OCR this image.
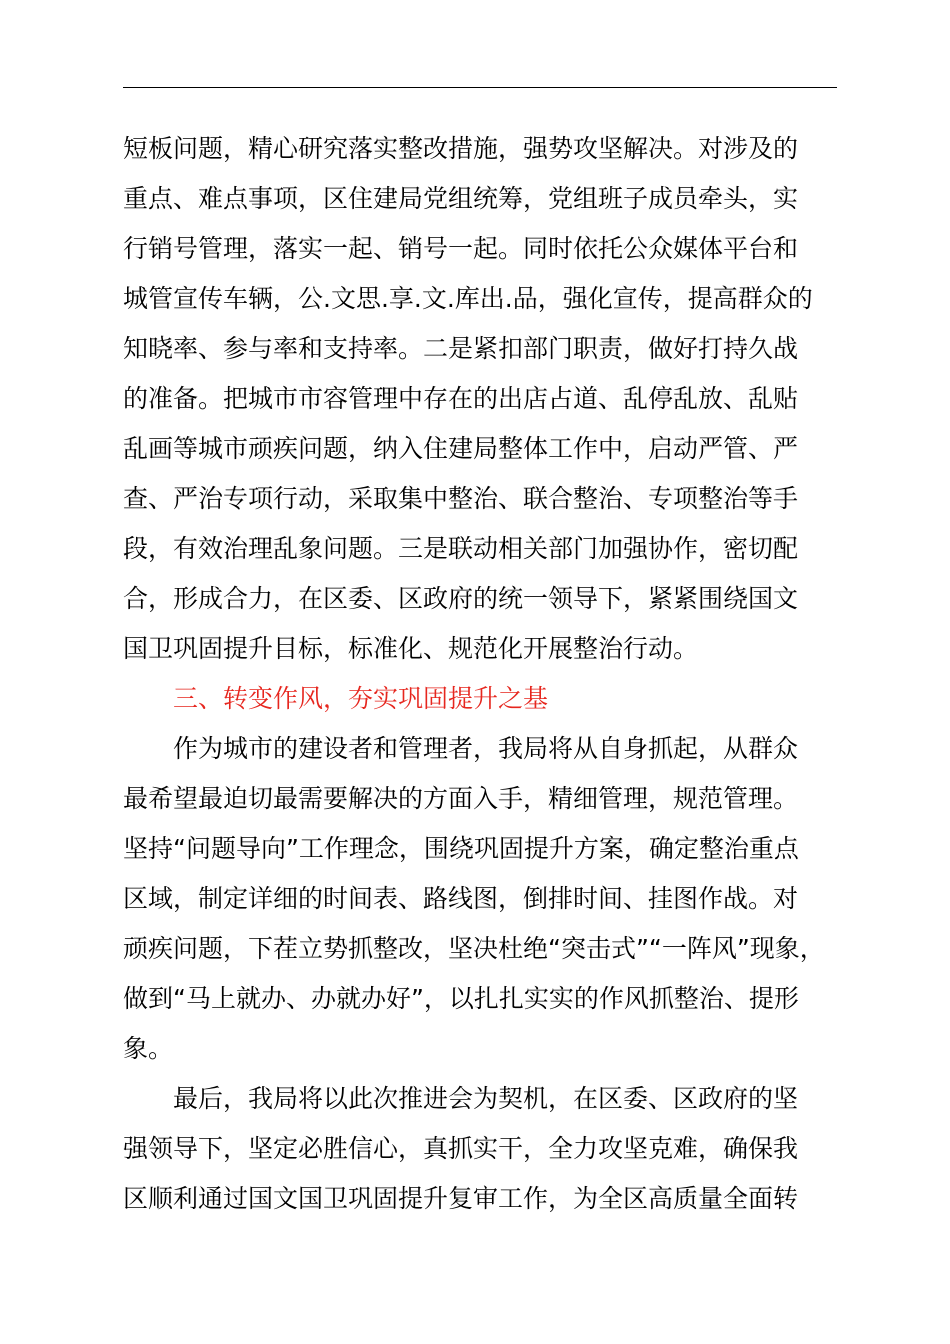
短板问题，精心研究落实整改措施，强势攻坚解决。对涉及的
重点、难点事项，区住建局党组统筹，党组班子成员牵头，实
行销号管理，落实一起、销号一起。同时依托公众媒体平台和
城管宣传车辆，公.文思.享.文.库出.品，强化宣传，提高群众的
知晓率、参与率和支持率。二是紧扣部门职责，做好打持久战
的准备。把城市市容管理中存在的出店占道、乱停乱放、乱贴
乱画等城市顽疾问题，纳入住建局整体工作中，启动严管、严
查、严治专项行动，采取集中整治、联合整治、专项整治等手
段，有效治理乱象问题。三是联动相关部门加强协作，密切配
合，形成合力，在区委、区政府的统一领导下，紧紧围绕国文
国卫巩固提升目标，标准化、规范化开展整治行动。
三、转变作风，夯实巩固提升之基
作为城市的建设者和管理者，我局将从自身抓起，从群众
最希望最迫切最需要解决的方面入手，精细管理，规范管理。
坚持“问题导向”工作理念，围绕巩固提升方案，确定整治重点
区域，制定详细的时间表、路线图，倒排时间、挂图作战。对
顽疾问题，下茬立势抓整改，坚决杜绝“突击式”“一阵风”现象，
做到“马上就办、办就办好”，以扎扎实实的作风抓整治、提形
象。
最后，我局将以此次推进会为契机，在区委、区政府的坚
强领导下，坚定必胜信心，真抓实干，全力攻坚克难，确保我
区顺利通过国文国卫巩固提升复审工作，为全区高质量全面转
